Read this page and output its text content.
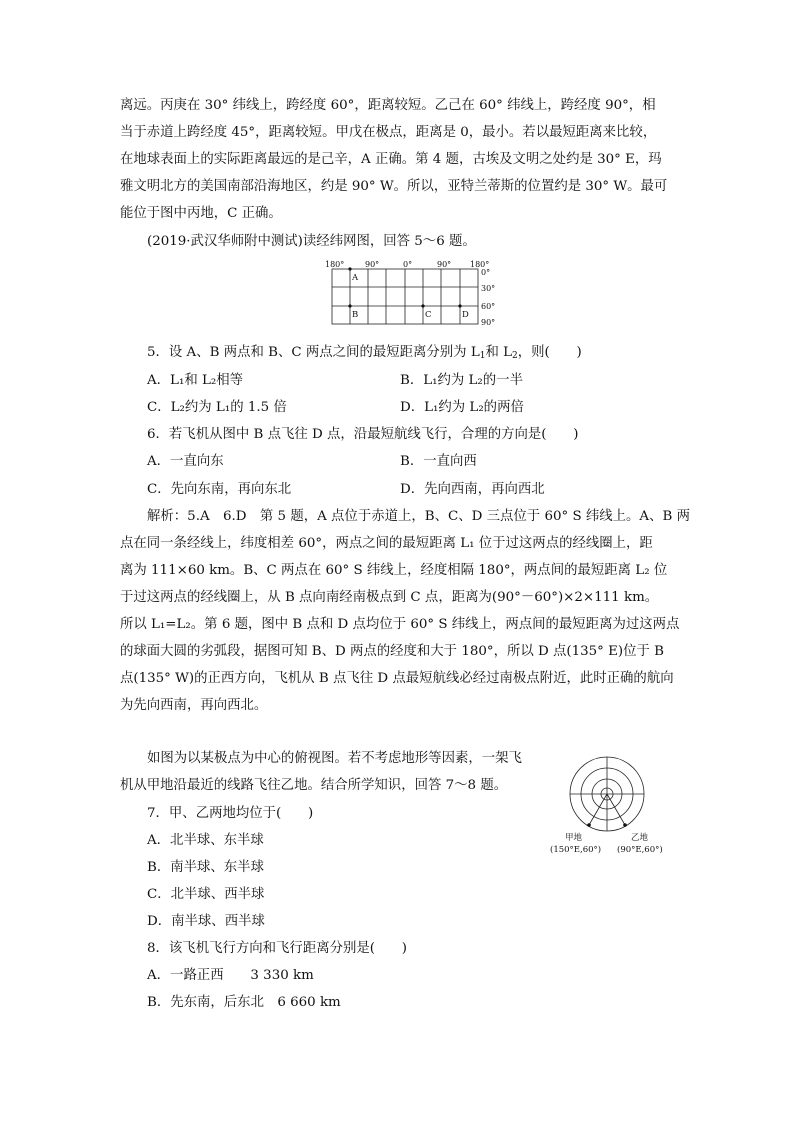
离远。丙庚在 30° 纬线上，跨经度 60°，距离较短。乙己在 60° 纬线上，跨经度 90°，相
当于赤道上跨经度 45°，距离较短。甲戊在极点，距离是 0，最小。若以最短距离来比较，
在地球表面上的实际距离最远的是己辛，A 正确。第 4 题，古埃及文明之处约是 30° E，玛
雅文明北方的美国南部沿海地区，约是 90° W。所以，亚特兰蒂斯的位置约是 30° W。最可
能位于图中丙地，C 正确。
(2019·武汉华师附中测试)读经纬网图，回答 5～6 题。
180°	90°	0°	90° 180°
0°
30°
60°
90°
A
B	C	D
5．设 A、B 两点和 B、C 两点之间的最短距离分别为 $L_1$和 $L_2$，则(　　)
A．L₁和 L₂相等	B．L₁约为 L₂的一半
C．L₂约为 L₁的 1.5 倍	D．L₁约为 L₂的两倍
6．若飞机从图中 B 点飞往 D 点，沿最短航线飞行，合理的方向是(　　)
A．一直向东	B．一直向西
C．先向东南，再向东北	D．先向西南，再向西北
解析：5.A　6.D　第 5 题，A 点位于赤道上，B、C、D 三点位于 60° S 纬线上。A、B 两
点在同一条经线上，纬度相差 60°，两点之间的最短距离 L₁ 位于过这两点的经线圈上，距
离为 111×60 km。B、C 两点在 60° S 纬线上，经度相隔 180°，两点间的最短距离 L₂ 位
于过这两点的经线圈上，从 B 点向南经南极点到 C 点，距离为(90°－60°)×2×111 km。
所以 L₁=L₂。第 6 题，图中 B 点和 D 点均位于 60° S 纬线上，两点间的最短距离为过这两点
的球面大圆的劣弧段，据图可知 B、D 两点的经度和大于 180°，所以 D 点(135° E)位于 B
点(135° W)的正西方向，飞机从 B 点飞往 D 点最短航线必经过南极点附近，此时正确的航向
为先向西南，再向西北。
如图为以某极点为中心的俯视图。若不考虑地形等因素，一架飞
机从甲地沿最近的线路飞往乙地。结合所学知识，回答 7～8 题。
甲地	乙地
(150°E,60°) (90°E,60°)
7．甲、乙两地均位于(　　)
A．北半球、东半球
B．南半球、东半球
C．北半球、西半球
D．南半球、西半球
8．该飞机飞行方向和飞行距离分别是(　　)
A．一路正西　　3 330 km
B．先东南，后东北　6 660 km
